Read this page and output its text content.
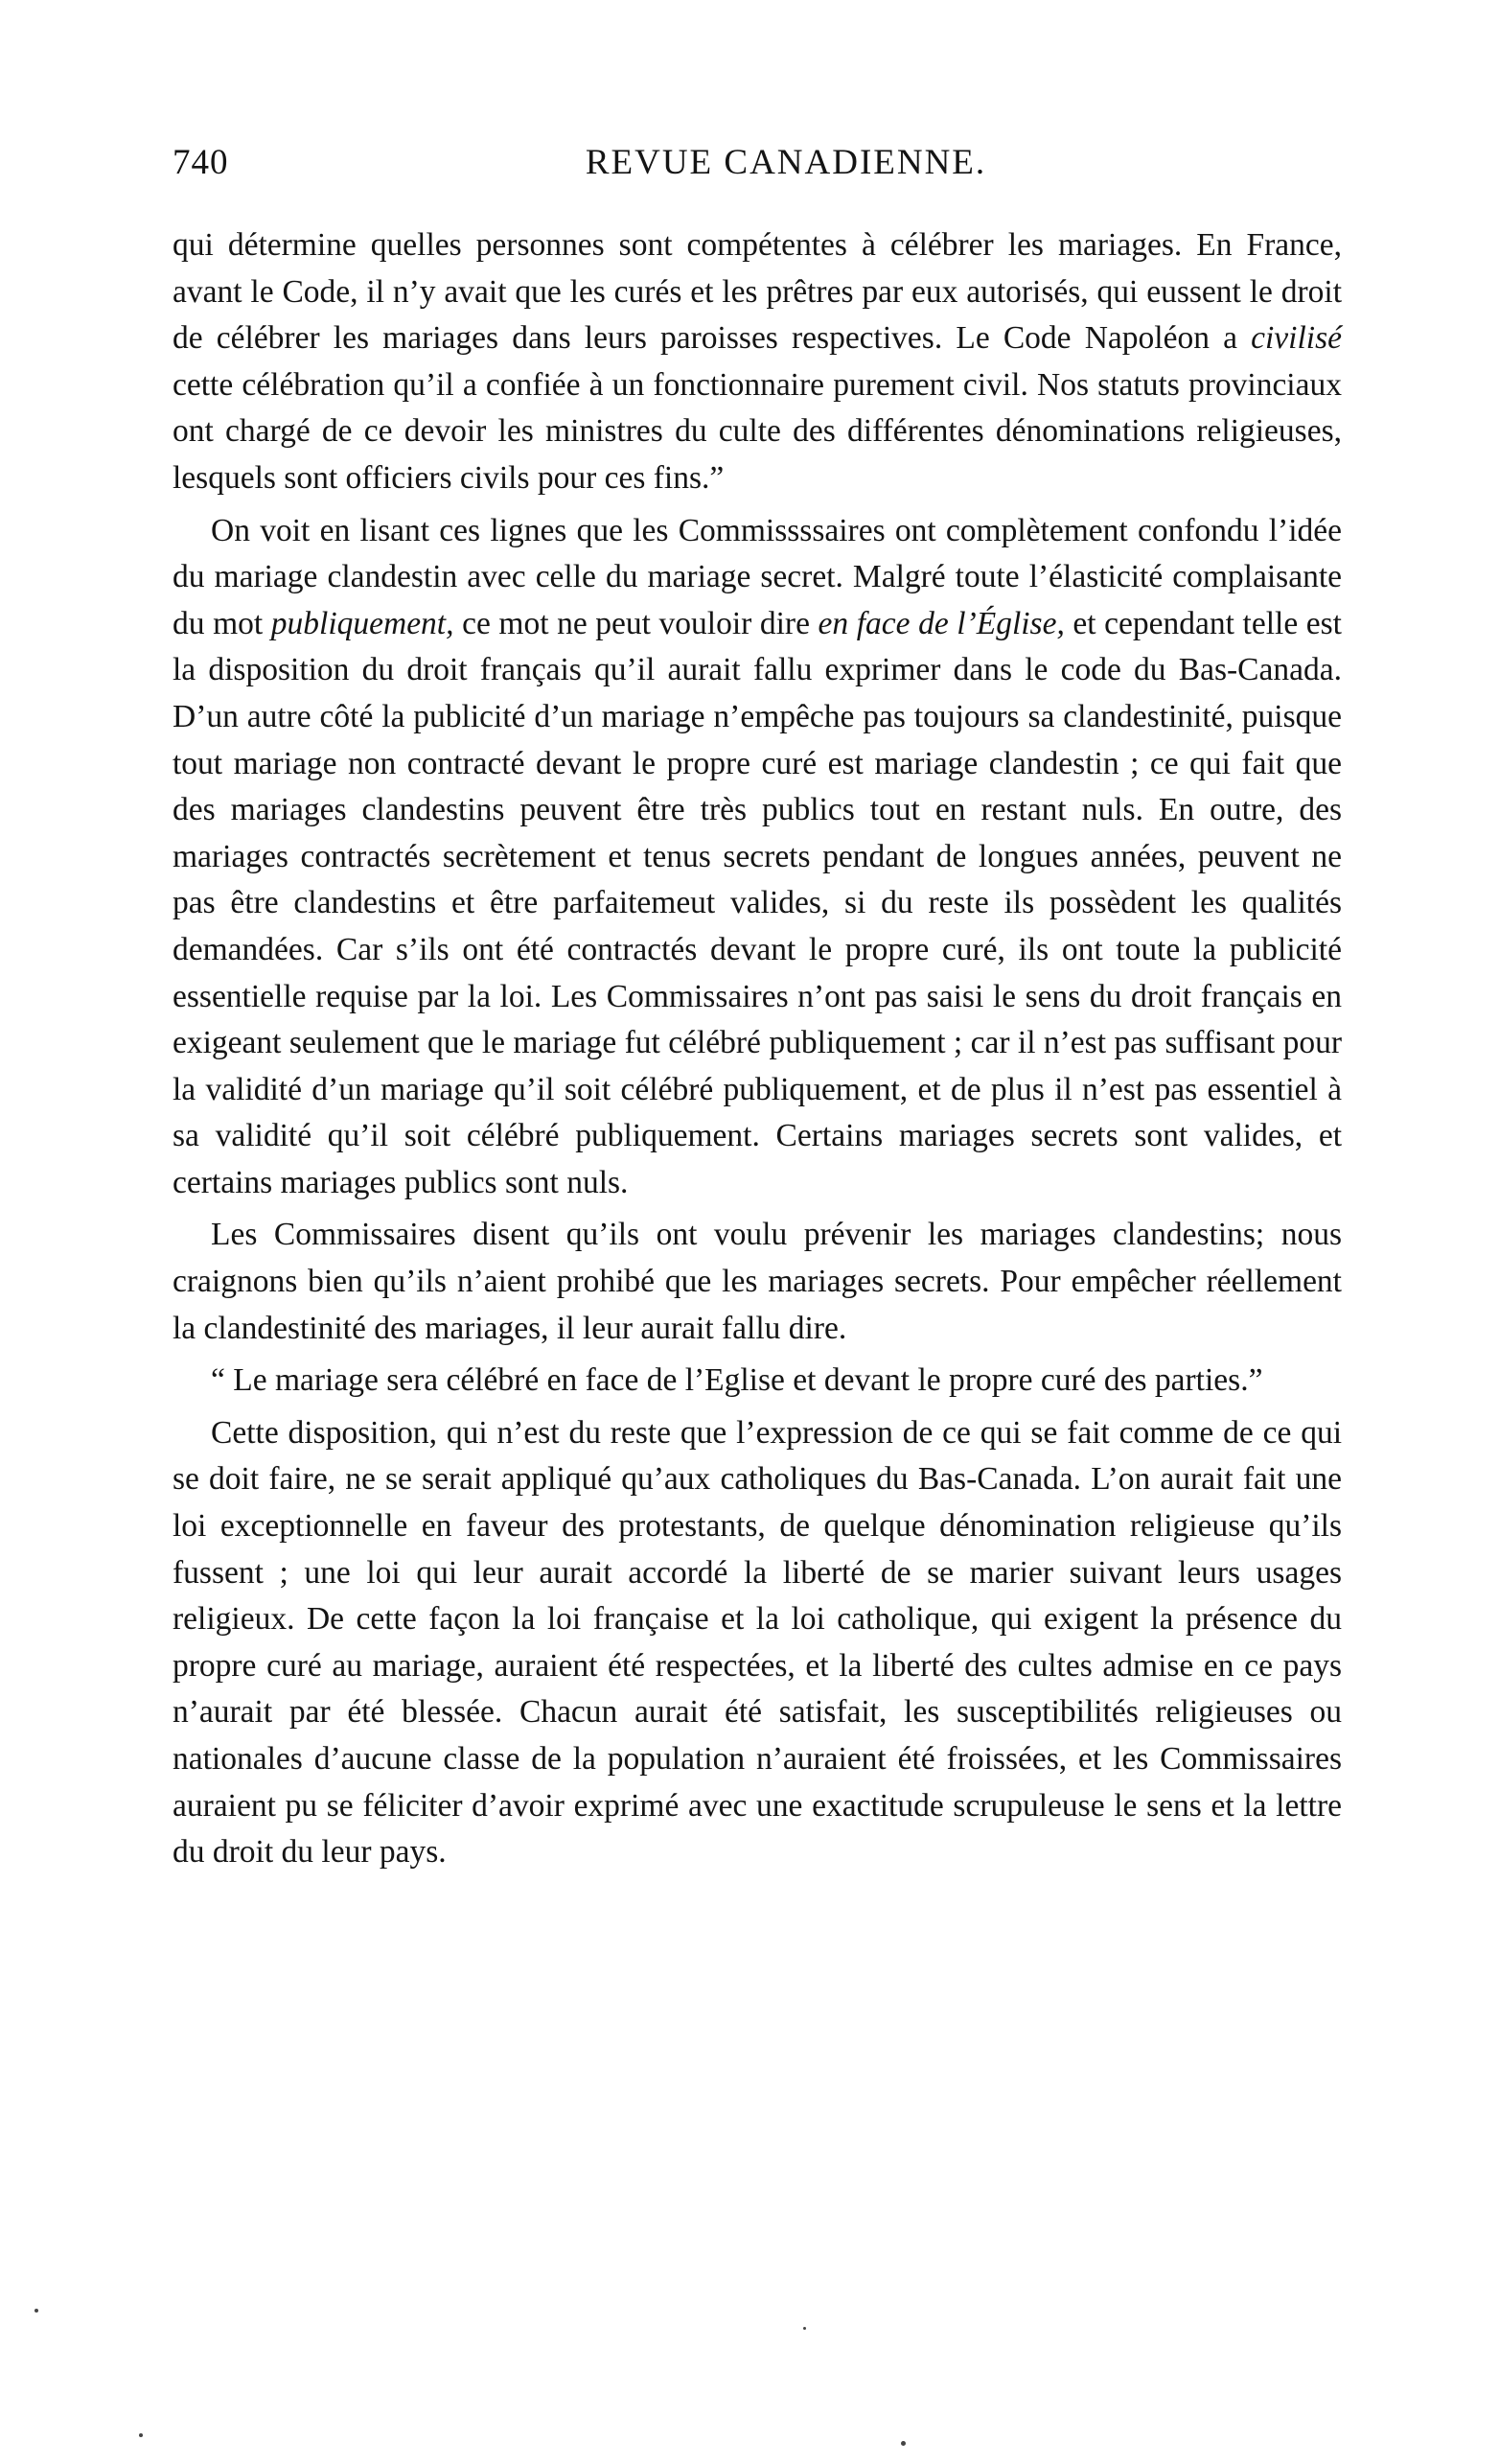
740	REVUE CANADIENNE.

qui détermine quelles personnes sont compétentes à célébrer les mariages. En France, avant le Code, il n’y avait que les curés et les prêtres par eux autorisés, qui eussent le droit de célébrer les mariages dans leurs paroisses respectives. Le Code Napoléon a civilisé cette célébration qu’il a confiée à un fonctionnaire purement civil. Nos statuts provinciaux ont chargé de ce devoir les ministres du culte des différentes dénominations religieuses, lesquels sont officiers civils pour ces fins.”

On voit en lisant ces lignes que les Commissssaires ont complètement confondu l’idée du mariage clandestin avec celle du mariage secret. Malgré toute l’élasticité complaisante du mot publiquement, ce mot ne peut vouloir dire en face de l’Église, et cependant telle est la disposition du droit français qu’il aurait fallu exprimer dans le code du Bas-Canada. D’un autre côté la publicité d’un mariage n’empêche pas toujours sa clandestinité, puisque tout mariage non contracté devant le propre curé est mariage clandestin ; ce qui fait que des mariages clandestins peuvent être très publics tout en restant nuls. En outre, des mariages contractés secrètement et tenus secrets pendant de longues années, peuvent ne pas être clandestins et être parfaitemeut valides, si du reste ils possèdent les qualités demandées. Car s’ils ont été contractés devant le propre curé, ils ont toute la publicité essentielle requise par la loi. Les Commissaires n’ont pas saisi le sens du droit français en exigeant seulement que le mariage fut célébré publiquement ; car il n’est pas suffisant pour la validité d’un mariage qu’il soit célébré publiquement, et de plus il n’est pas essentiel à sa validité qu’il soit célébré publiquement. Certains mariages secrets sont valides, et certains mariages publics sont nuls.

Les Commissaires disent qu’ils ont voulu prévenir les mariages clandestins; nous craignons bien qu’ils n’aient prohibé que les mariages secrets. Pour empêcher réellement la clandestinité des mariages, il leur aurait fallu dire.

“ Le mariage sera célébré en face de l’Eglise et devant le propre curé des parties.”

Cette disposition, qui n’est du reste que l’expression de ce qui se fait comme de ce qui se doit faire, ne se serait appliqué qu’aux catholiques du Bas-Canada. L’on aurait fait une loi exceptionnelle en faveur des protestants, de quelque dénomination religieuse qu’ils fussent ; une loi qui leur aurait accordé la liberté de se marier suivant leurs usages religieux. De cette façon la loi française et la loi catholique, qui exigent la présence du propre curé au mariage, auraient été respectées, et la liberté des cultes admise en ce pays n’aurait par été blessée. Chacun aurait été satisfait, les susceptibilités religieuses ou nationales d’aucune classe de la population n’auraient été froissées, et les Commissaires auraient pu se féliciter d’avoir exprimé avec une exactitude scrupuleuse le sens et la lettre du droit du leur pays.
